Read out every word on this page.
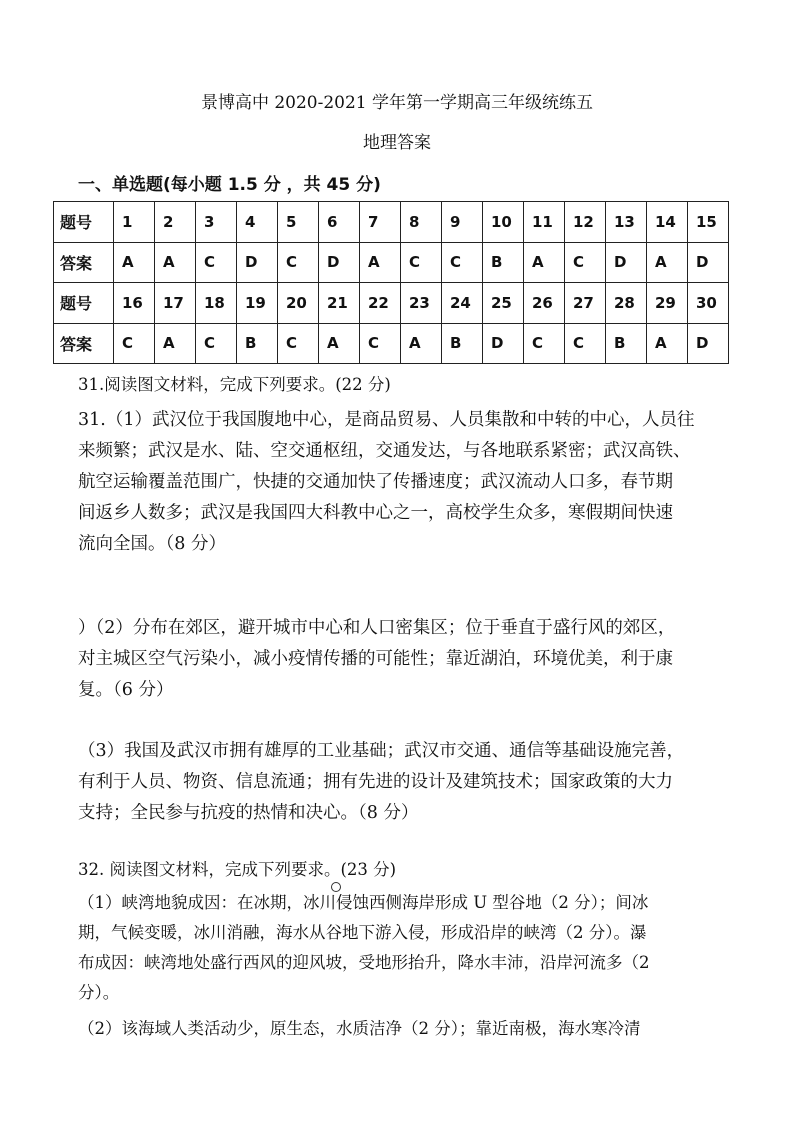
景博高中 2020-2021 学年第一学期高三年级统练五
地理答案
一、单选题(每小题 1.5 分 ，共 45 分)
题号	1	2	3	4	5	6	7	8	9	10	11	12	13	14	15
答案	A	A	C	D	C	D	A	C	C	B	A	C	D	A	D
题号	16	17	18	19	20	21	22	23	24	25	26	27	28	29	30
答案	C	A	C	B	C	A	C	A	B	D	C	C	B	A	D
31.阅读图文材料，完成下列要求。(22 分)
31.（1）武汉位于我国腹地中心，是商品贸易、人员集散和中转的中心，人员往
来频繁；武汉是水、陆、空交通枢纽，交通发达，与各地联系紧密；武汉高铁、
航空运输覆盖范围广，快捷的交通加快了传播速度；武汉流动人口多，春节期
间返乡人数多；武汉是我国四大科教中心之一，高校学生众多，寒假期间快速
流向全国。（8 分）
）（2）分布在郊区，避开城市中心和人口密集区；位于垂直于盛行风的郊区，
对主城区空气污染小，减小疫情传播的可能性；靠近湖泊，环境优美，利于康
复。（6 分）
（3）我国及武汉市拥有雄厚的工业基础；武汉市交通、通信等基础设施完善，
有利于人员、物资、信息流通；拥有先进的设计及建筑技术；国家政策的大力
支持；全民参与抗疫的热情和决心。（8 分）
32. 阅读图文材料，完成下列要求。(23 分)
（1）峡湾地貌成因：在冰期，冰川侵蚀西侧海岸形成 U 型谷地（2 分）；间冰
期，气候变暖，冰川消融，海水从谷地下游入侵，形成沿岸的峡湾（2 分）。瀑
布成因：峡湾地处盛行西风的迎风坡，受地形抬升，降水丰沛，沿岸河流多（2
分）。
（2）该海域人类活动少，原生态，水质洁净（2 分）；靠近南极，海水寒冷清
